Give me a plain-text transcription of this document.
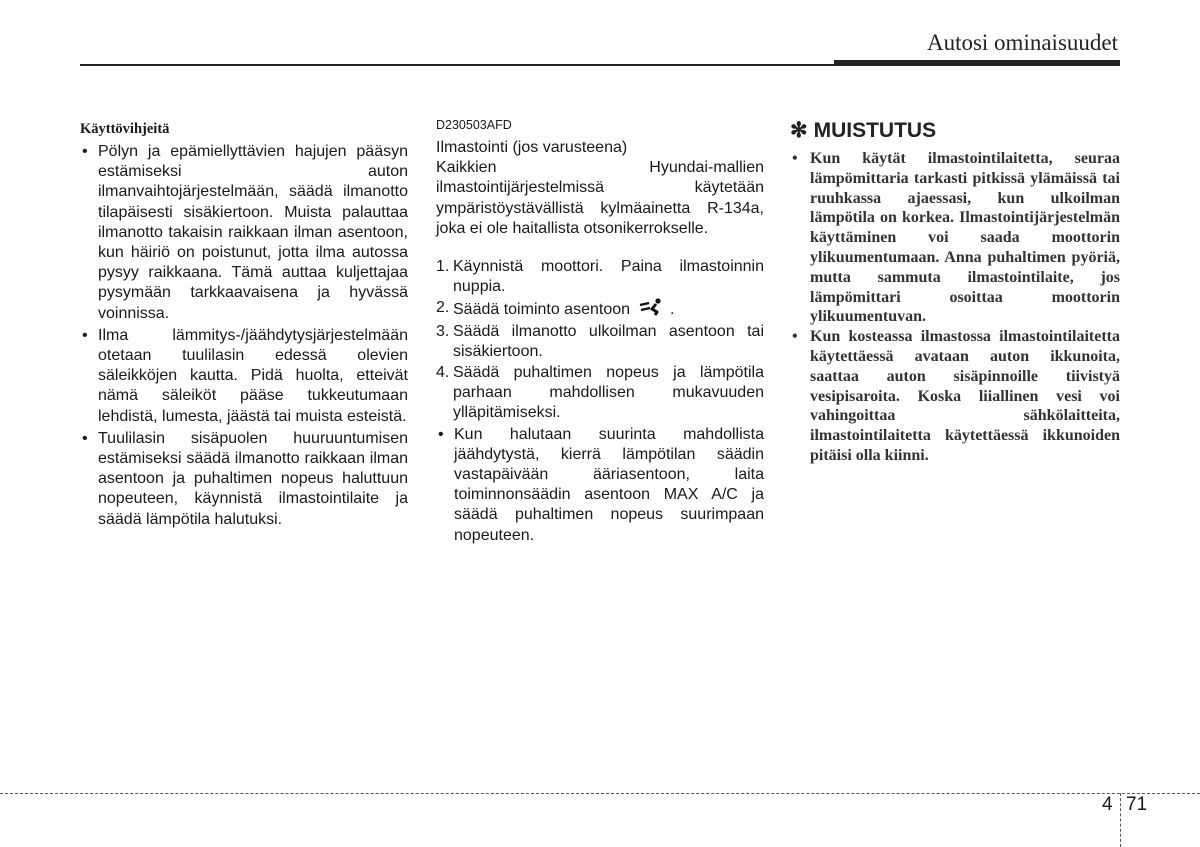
Autosi ominaisuudet
Käyttövihjeitä
• Pölyn ja epämiellyttävien hajujen pääsyn estämiseksi auton ilmanvaihtojärjestelmään, säädä ilmanotto tilapäisesti sisäkiertoon. Muista palauttaa ilmanotto takaisin raikkaan ilman asentoon, kun häiriö on poistunut, jotta ilma autossa pysyy raikkaana. Tämä auttaa kuljettajaa pysymään tarkkaavaisena ja hyvässä voinnissa.
• Ilma lämmitys-/jäähdytysjärjestelmään otetaan tuulilasin edessä olevien säleikköjen kautta. Pidä huolta, etteivät nämä säleiköt pääse tukkeutumaan lehdistä, lumesta, jäästä tai muista esteistä.
• Tuulilasin sisäpuolen huuruuntumisen estämiseksi säädä ilmanotto raikkaan ilman asentoon ja puhaltimen nopeus haluttuun nopeuteen, käynnistä ilmastointilaite ja säädä lämpötila halutuksi.
D230503AFD

Ilmastointi (jos varusteena)

Kaikkien Hyundai-mallien ilmastointijärjestelmissä käytetään ympäristöystävällistä kylmäainetta R-134a, joka ei ole haitallista otsonikerrokselle.

1. Käynnistä moottori. Paina ilmastoinnin nuppia.
2. Säädä toiminto asentoon	.
3. Säädä ilmanotto ulkoilman asentoon tai sisäkiertoon.
4. Säädä puhaltimen nopeus ja lämpötila parhaan mahdollisen mukavuuden ylläpitämiseksi.
• Kun halutaan suurinta mahdollista jäähdytystä, kierrä lämpötilan säädin vastapäivään ääriasentoon, laita toiminnonsäädin asentoon MAX A/C ja säädä puhaltimen nopeus suurimpaan nopeuteen.
✻ MUISTUTUS
• Kun käytät ilmastointilaitetta, seuraa lämpömittaria tarkasti pitkissä ylämäissä tai ruuhkassa ajaessasi, kun ulkoilman lämpötila on korkea. Ilmastointijärjestelmän käyttäminen voi saada moottorin ylikuumentumaan. Anna puhaltimen pyöriä, mutta sammuta ilmastointilaite, jos lämpömittari osoittaa moottorin ylikuumentuvan.
• Kun kosteassa ilmastossa ilmastointilaitetta käytettäessä avataan auton ikkunoita, saattaa auton sisäpinnoille tiivistyä vesipisaroita. Koska liiallinen vesi voi vahingoittaa sähkölaitteita, ilmastointilaitetta käytettäessä ikkunoiden pitäisi olla kiinni.
4 71
